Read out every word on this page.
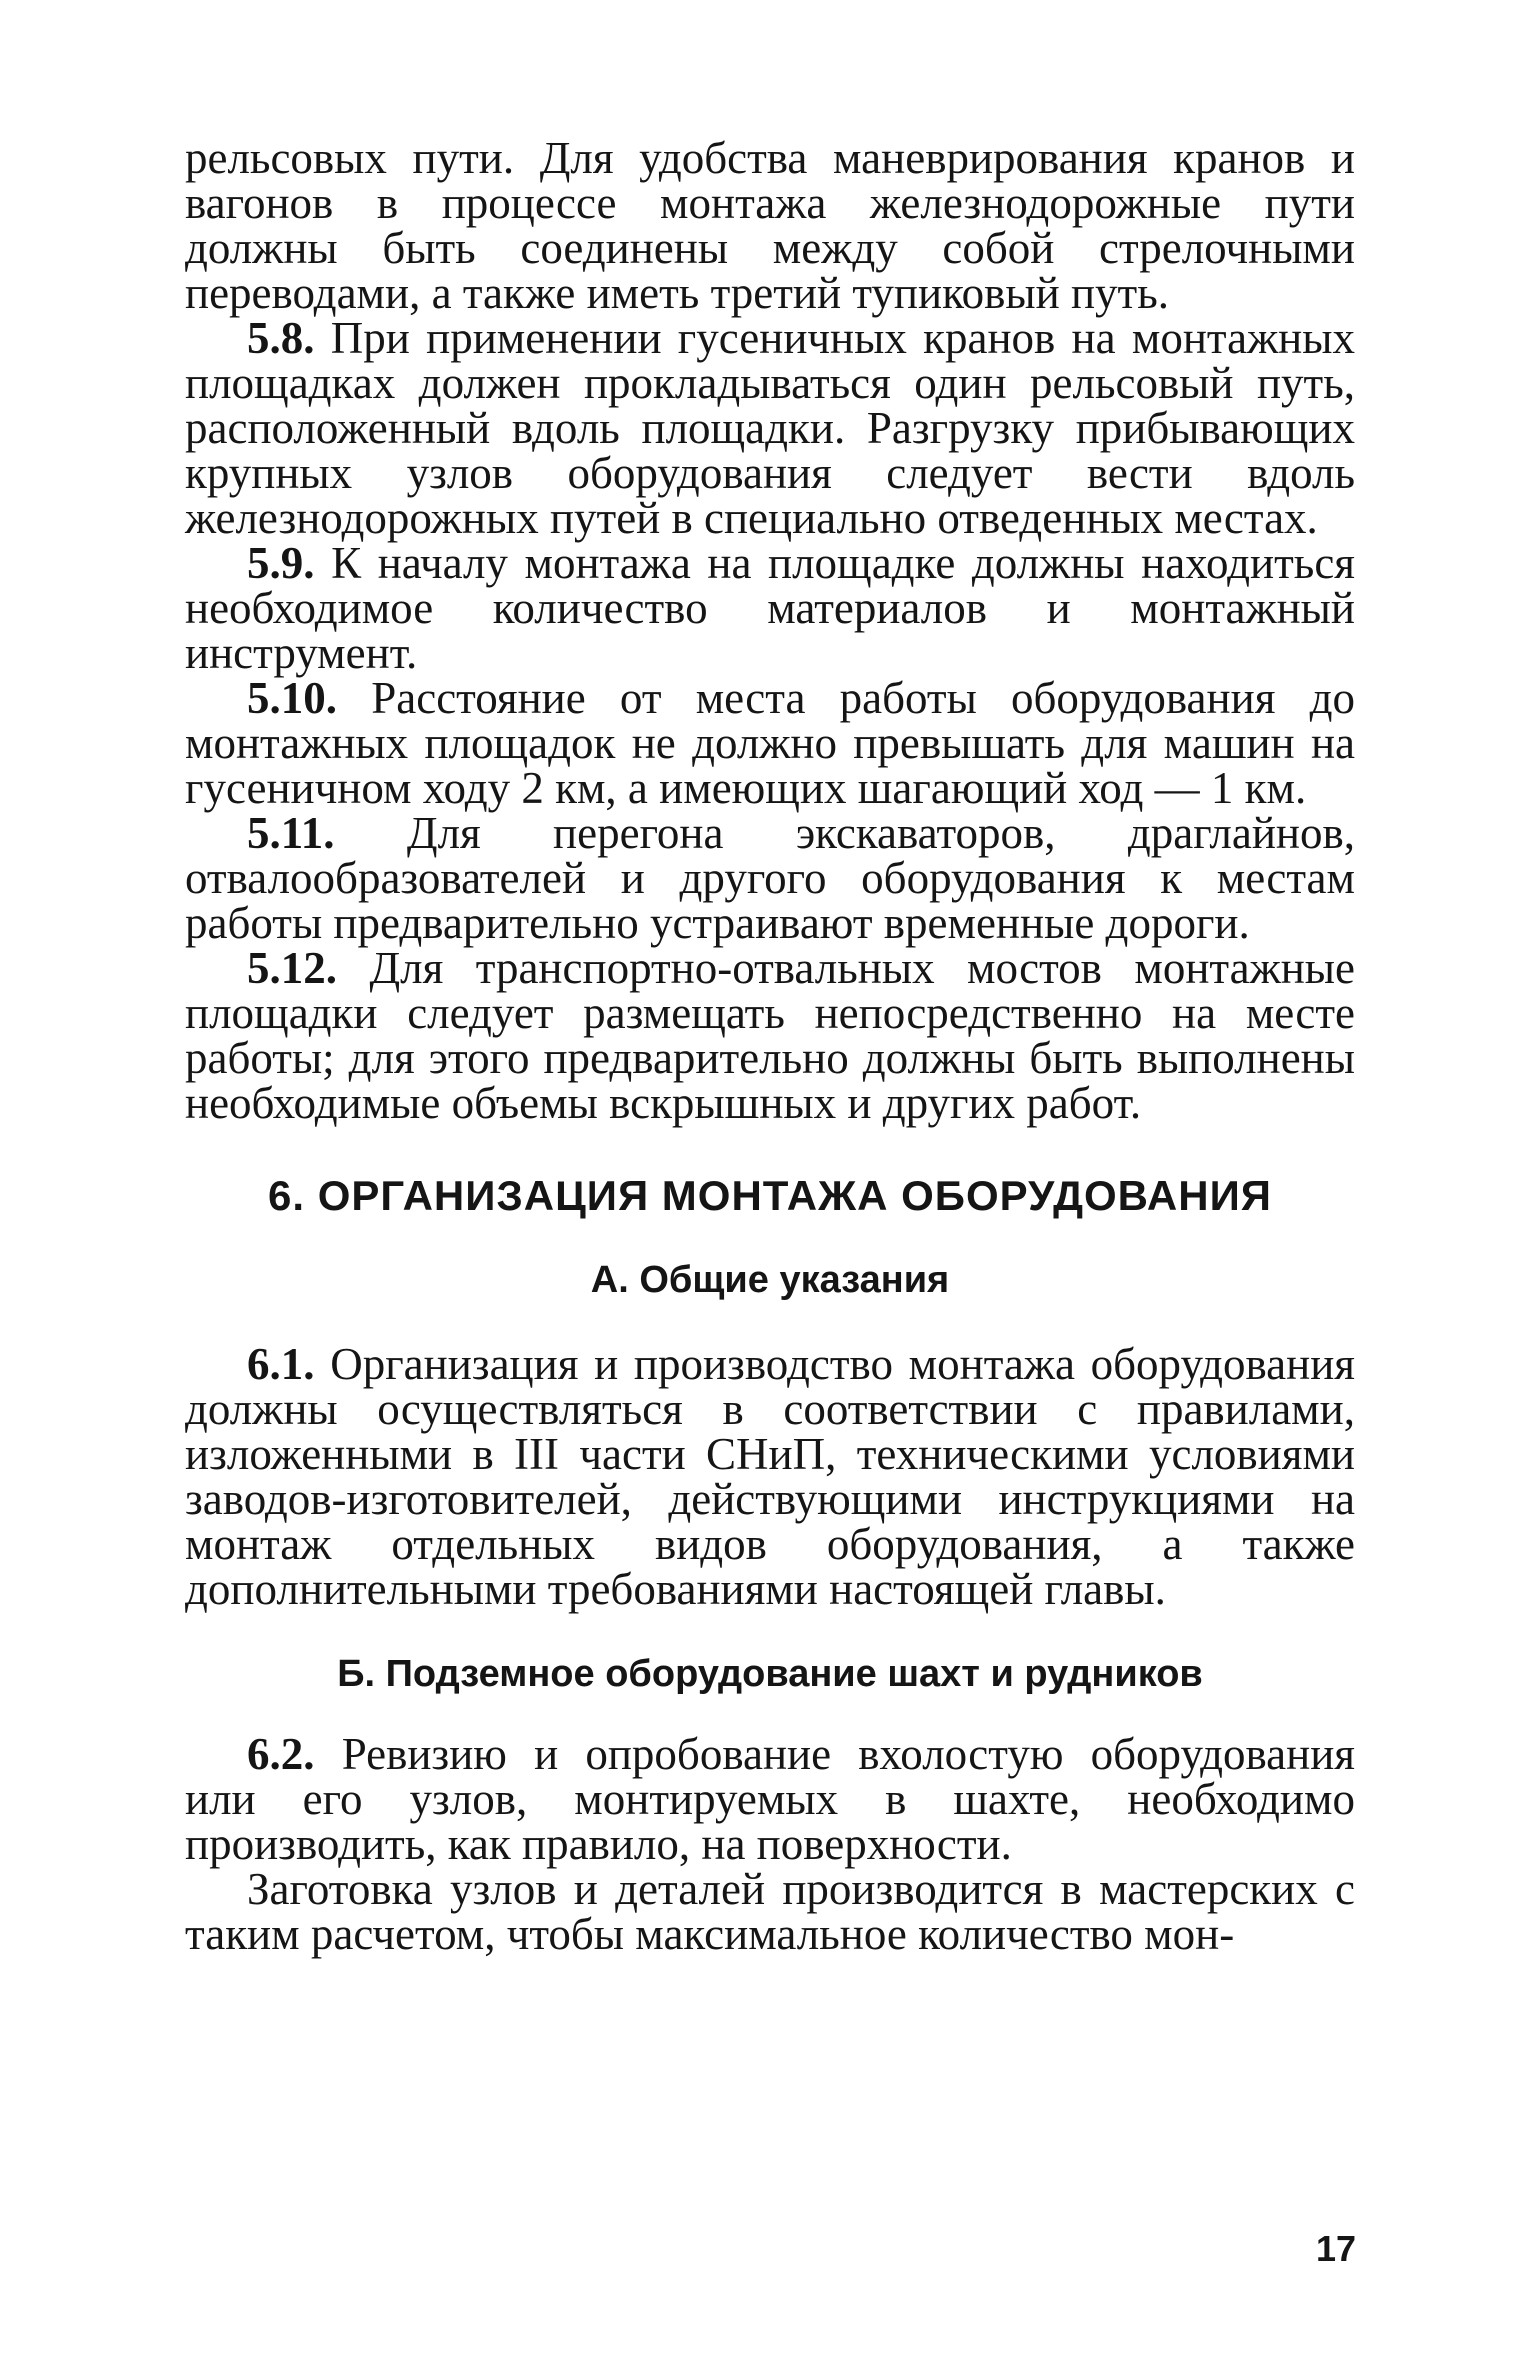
рельсовых пути. Для удобства маневрирования кранов и вагонов в процессе монтажа железнодорожные пути должны быть соединены между собой стрелочными переводами, а также иметь третий тупиковый путь.

5.8. При применении гусеничных кранов на монтажных площадках должен прокладываться один рельсовый путь, расположенный вдоль площадки. Разгрузку прибывающих крупных узлов оборудования следует вести вдоль железнодорожных путей в специально отведенных местах.

5.9. К началу монтажа на площадке должны находиться необходимое количество материалов и монтажный инструмент.

5.10. Расстояние от места работы оборудования до монтажных площадок не должно превышать для машин на гусеничном ходу 2 км, а имеющих шагающий ход — 1 км.

5.11. Для перегона экскаваторов, драглайнов, отвалообразователей и другого оборудования к местам работы предварительно устраивают временные дороги.

5.12. Для транспортно-отвальных мостов монтажные площадки следует размещать непосредственно на месте работы; для этого предварительно должны быть выполнены необходимые объемы вскрышных и других работ.

6. ОРГАНИЗАЦИЯ МОНТАЖА ОБОРУДОВАНИЯ
А. Общие указания

6.1. Организация и производство монтажа оборудования должны осуществляться в соответствии с правилами, изложенными в III части СНиП, техническими условиями заводов-изготовителей, действующими инструкциями на монтаж отдельных видов оборудования, а также дополнительными требованиями настоящей главы.

Б. Подземное оборудование шахт и рудников

6.2. Ревизию и опробование вхолостую оборудования или его узлов, монтируемых в шахте, необходимо производить, как правило, на поверхности.

Заготовка узлов и деталей производится в мастерских с таким расчетом, чтобы максимальное количество мон-

17
